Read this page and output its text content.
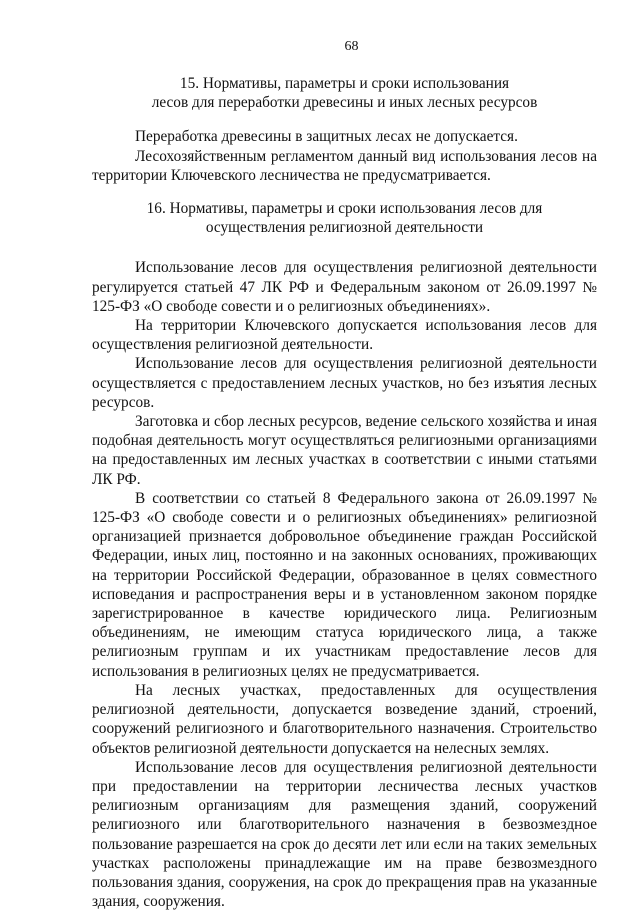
68
15. Нормативы, параметры и сроки использования
лесов для переработки древесины и иных лесных ресурсов

Переработка древесины в защитных лесах не допускается.

Лесохозяйственным регламентом данный вид использования лесов на территории Ключевского лесничества не предусматривается.

16. Нормативы, параметры и сроки использования лесов для
осуществления религиозной деятельности

Использование лесов для осуществления религиозной деятельности регулируется статьей 47 ЛК РФ и Федеральным законом от 26.09.1997 № 125-ФЗ «О свободе совести и о религиозных объединениях».

На территории Ключевского допускается использования лесов для осуществления религиозной деятельности.

Использование лесов для осуществления религиозной деятельности осуществляется с предоставлением лесных участков, но без изъятия лесных ресурсов.

Заготовка и сбор лесных ресурсов, ведение сельского хозяйства и иная подобная деятельность могут осуществляться религиозными организациями на предоставленных им лесных участках в соответствии с иными статьями ЛК РФ.

В соответствии со статьей 8 Федерального закона от 26.09.1997 № 125-ФЗ «О свободе совести и о религиозных объединениях» религиозной организацией признается добровольное объединение граждан Российской Федерации, иных лиц, постоянно и на законных основаниях, проживающих на территории Российской Федерации, образованное в целях совместного исповедания и распространения веры и в установленном законом порядке зарегистрированное в качестве юридического лица. Религиозным объединениям, не имеющим статуса юридического лица, а также религиозным группам и их участникам предоставление лесов для использования в религиозных целях не предусматривается.

На лесных участках, предоставленных для осуществления религиозной деятельности, допускается возведение зданий, строений, сооружений религиозного и благотворительного назначения. Строительство объектов религиозной деятельности допускается на нелесных землях.

Использование лесов для осуществления религиозной деятельности при предоставлении на территории лесничества лесных участков религиозным организациям для размещения зданий, сооружений религиозного или благотворительного назначения в безвозмездное пользование разрешается на срок до десяти лет или если на таких земельных участках расположены принадлежащие им на праве безвозмездного пользования здания, сооружения, на срок до прекращения прав на указанные здания, сооружения.
